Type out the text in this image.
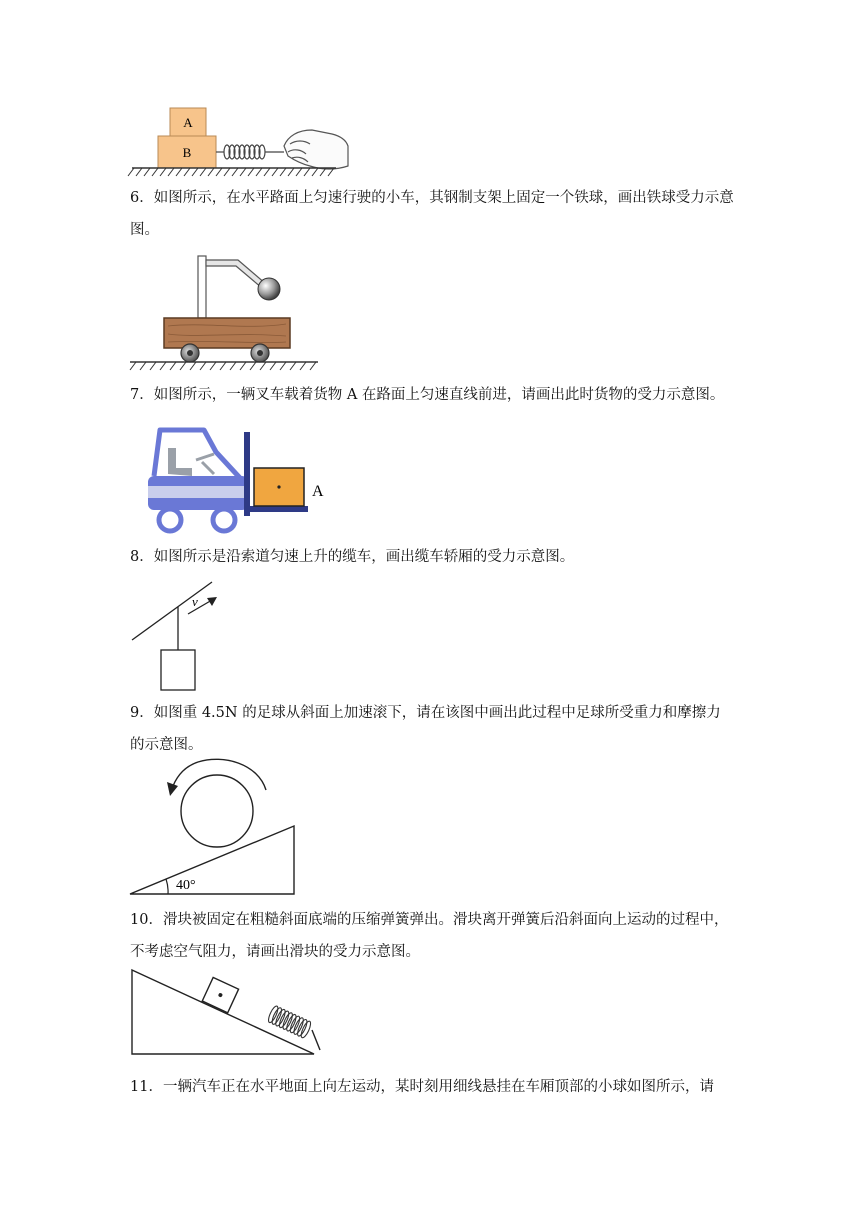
A
B

6．如图所示，在水平路面上匀速行驶的小车，其钢制支架上固定一个铁球，画出铁球受力示意图。

7．如图所示，一辆叉车载着货物 A 在路面上匀速直线前进，请画出此时货物的受力示意图。

A

8．如图所示是沿索道匀速上升的缆车，画出缆车轿厢的受力示意图。

v

9．如图重 4.5N 的足球从斜面上加速滚下，请在该图中画出此过程中足球所受重力和摩擦力的示意图。

40°

10．滑块被固定在粗糙斜面底端的压缩弹簧弹出。滑块离开弹簧后沿斜面向上运动的过程中，不考虑空气阻力，请画出滑块的受力示意图。

11．一辆汽车正在水平地面上向左运动，某时刻用细线悬挂在车厢顶部的小球如图所示，请
